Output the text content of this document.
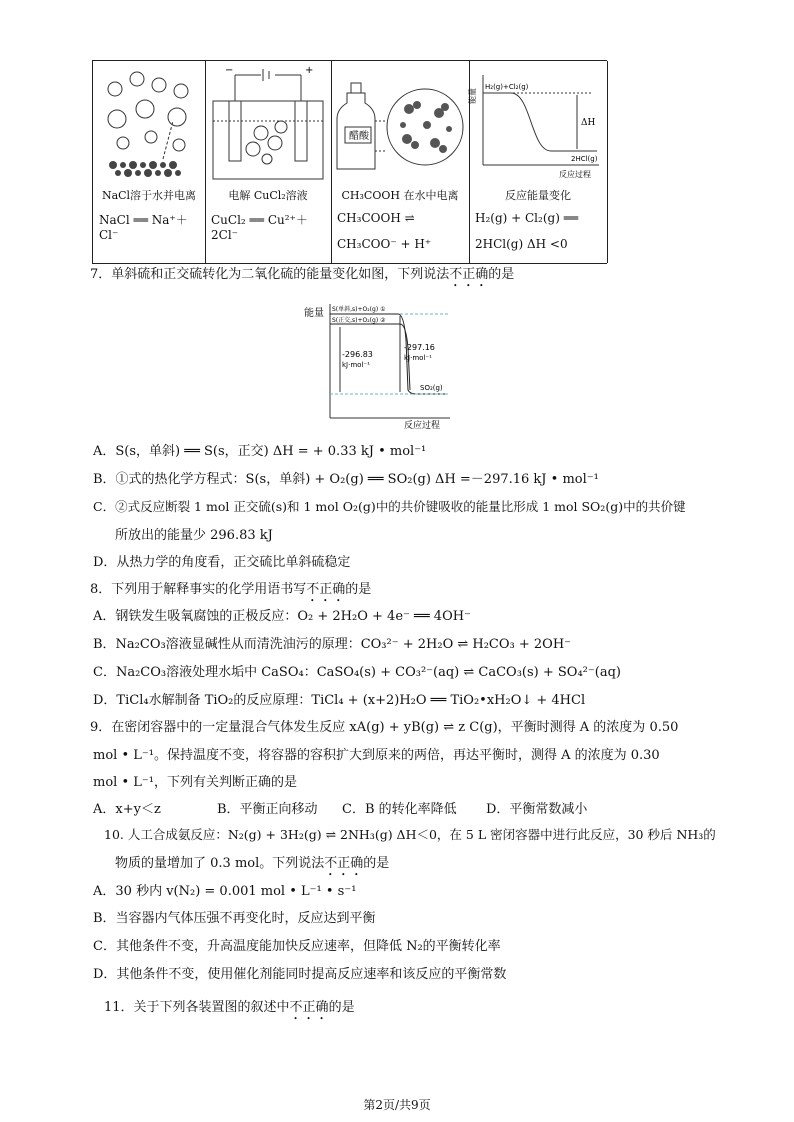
NaCl溶于水并电离
NaCl ══ Na⁺＋Cl⁻
+
−
电解 CuCl₂溶液
CuCl₂ ══ Cu²⁺＋2Cl⁻
醋酸
CH₃COOH 在水中电离
CH₃COOH ⇌
CH₃COO⁻ + H⁺
能量
H₂(g)+Cl₂(g)
2HCl(g)
ΔH
反应过程
反应能量变化
H₂(g) + Cl₂(g) ══
2HCl(g) ΔH <0
7．单斜硫和正交硫转化为二氧化硫的能量变化如图，下列说法不正确的是
能量 S(单斜,s)+O₂(g) ①
S(正交,s)+O₂(g) ②
-296.83
kJ·mol⁻¹
-297.16
kJ·mol⁻¹
SO₂(g)
反应过程
A．S(s，单斜) ══ S(s，正交) ΔH = + 0.33 kJ • mol⁻¹
B．①式的热化学方程式：S(s，单斜) + O₂(g) ══ SO₂(g) ΔH =－297.16 kJ • mol⁻¹
C．②式反应断裂 1 mol 正交硫(s)和 1 mol O₂(g)中的共价键吸收的能量比形成 1 mol SO₂(g)中的共价键
所放出的能量少 296.83 kJ
D．从热力学的角度看，正交硫比单斜硫稳定
8．下列用于解释事实的化学用语书写不正确的是
A．钢铁发生吸氧腐蚀的正极反应：O₂ + 2H₂O + 4e⁻ ══ 4OH⁻
B．Na₂CO₃溶液显碱性从而清洗油污的原理：CO₃²⁻ + 2H₂O ⇌ H₂CO₃ + 2OH⁻
C．Na₂CO₃溶液处理水垢中 CaSO₄：CaSO₄(s) + CO₃²⁻(aq) ⇌ CaCO₃(s) + SO₄²⁻(aq)
D．TiCl₄水解制备 TiO₂的反应原理：TiCl₄ + (x+2)H₂O ══ TiO₂•xH₂O↓ + 4HCl
9．在密闭容器中的一定量混合气体发生反应 xA(g) + yB(g) ⇌ z C(g)，平衡时测得 A 的浓度为 0.50
mol • L⁻¹。保持温度不变，将容器的容积扩大到原来的两倍，再达平衡时，测得 A 的浓度为 0.30
mol • L⁻¹，下列有关判断正确的是
A．x+y＜z	B．平衡正向移动 C．B 的转化率降低 D．平衡常数减小
10. 人工合成氨反应：N₂(g) + 3H₂(g) ⇌ 2NH₃(g) ΔH＜0，在 5 L 密闭容器中进行此反应，30 秒后 NH₃的
物质的量增加了 0.3 mol。下列说法不正确的是
A．30 秒内 v(N₂) = 0.001 mol • L⁻¹ • s⁻¹
B．当容器内气体压强不再变化时，反应达到平衡
C．其他条件不变，升高温度能加快反应速率，但降低 N₂的平衡转化率
D．其他条件不变，使用催化剂能同时提高反应速率和该反应的平衡常数
11．关于下列各装置图的叙述中不正确的是
第2页/共9页
